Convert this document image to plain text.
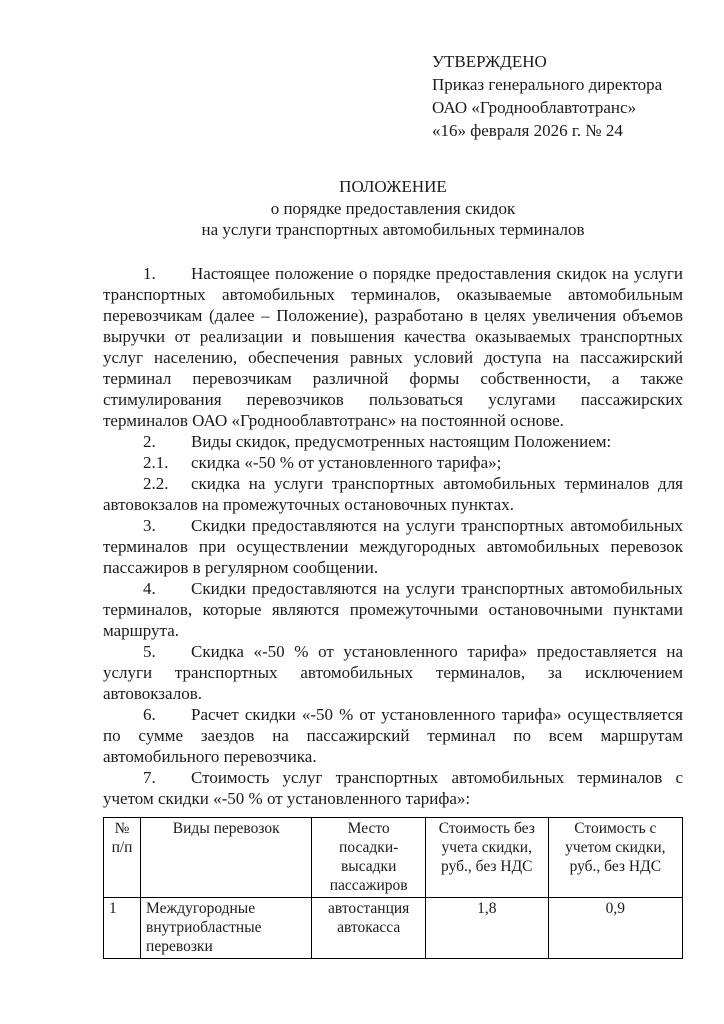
УТВЕРЖДЕНО
Приказ генерального директора
ОАО «Гроднооблавтотранс»
«16» февраля 2026 г. № 24
ПОЛОЖЕНИЕ
о порядке предоставления скидок
на услуги транспортных автомобильных терминалов

1. Настоящее положение о порядке предоставления скидок на услуги транспортных автомобильных терминалов, оказываемые автомобильным перевозчикам (далее – Положение), разработано в целях увеличения объемов выручки от реализации и повышения качества оказываемых транспортных услуг населению, обеспечения равных условий доступа на пассажирский терминал перевозчикам различной формы собственности, а также стимулирования перевозчиков пользоваться услугами пассажирских терминалов ОАО «Гроднооблавтотранс» на постоянной основе.

2. Виды скидок, предусмотренных настоящим Положением:

2.1. скидка «-50 % от установленного тарифа»;

2.2. скидка на услуги транспортных автомобильных терминалов для автовокзалов на промежуточных остановочных пунктах.

3. Скидки предоставляются на услуги транспортных автомобильных терминалов при осуществлении междугородных автомобильных перевозок пассажиров в регулярном сообщении.

4. Скидки предоставляются на услуги транспортных автомобильных терминалов, которые являются промежуточными остановочными пунктами маршрута.

5. Скидка «-50 % от установленного тарифа» предоставляется на услуги транспортных автомобильных терминалов, за исключением автовокзалов.

6. Расчет скидки «-50 % от установленного тарифа» осуществляется по сумме заездов на пассажирский терминал по всем маршрутам автомобильного перевозчика.

7. Стоимость услуг транспортных автомобильных терминалов с учетом скидки «-50 % от установленного тарифа»:

№ п/п	Виды перевозок	Место посадки-высадки пассажиров	Стоимость без учета скидки, руб., без НДС	Стоимость с учетом скидки, руб., без НДС
1	Междугородные внутриобластные перевозки	автостанция автокасса	1,8	0,9
